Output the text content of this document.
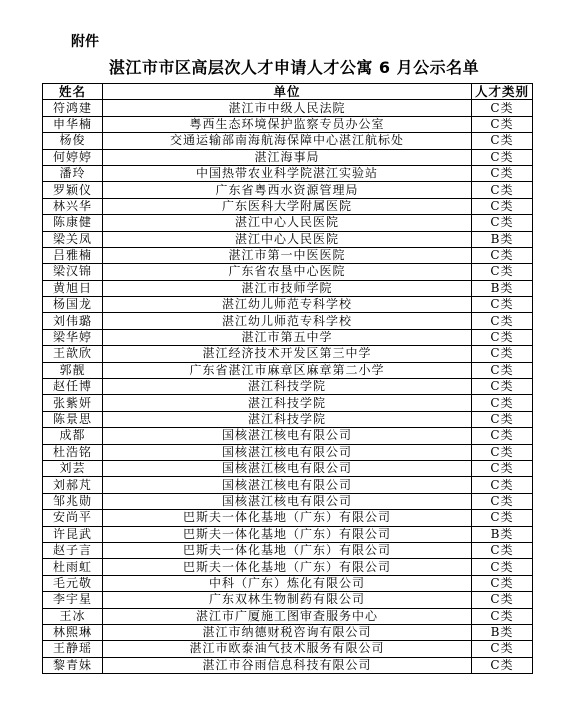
附件
湛江市市区高层次人才申请人才公寓 6 月公示名单
姓名	单位	人才类别
符鸿建	湛江市中级人民法院	C类
申华楠	粤西生态环境保护监察专员办公室	C类
杨俊	交通运输部南海航海保障中心湛江航标处	C类
何婷婷	湛江海事局	C类
潘玲	中国热带农业科学院湛江实验站	C类
罗颖仪	广东省粤西水资源管理局	C类
林兴华	广东医科大学附属医院	C类
陈康健	湛江中心人民医院	C类
梁关凤	湛江中心人民医院	B类
吕雅楠	湛江市第一中医医院	C类
梁汉锦	广东省农垦中心医院	C类
黄旭日	湛江市技师学院	B类
杨国龙	湛江幼儿师范专科学校	C类
刘伟璐	湛江幼儿师范专科学校	C类
梁华婷	湛江市第五中学	C类
王歆欣	湛江经济技术开发区第三中学	C类
郭靓	广东省湛江市麻章区麻章第二小学	C类
赵任博	湛江科技学院	C类
张紫妍	湛江科技学院	C类
陈景思	湛江科技学院	C类
成都	国核湛江核电有限公司	C类
杜浩铭	国核湛江核电有限公司	C类
刘芸	国核湛江核电有限公司	C类
刘郝芃	国核湛江核电有限公司	C类
邹兆勋	国核湛江核电有限公司	C类
安尚平	巴斯夫一体化基地（广东）有限公司	C类
许昆武	巴斯夫一体化基地（广东）有限公司	B类
赵子言	巴斯夫一体化基地（广东）有限公司	C类
杜雨虹	巴斯夫一体化基地（广东）有限公司	C类
毛元敬	中科（广东）炼化有限公司	C类
李宇星	广东双林生物制药有限公司	C类
王冰	湛江市广厦施工图审查服务中心	C类
林熙琳	湛江市纳德财税咨询有限公司	B类
王静瑶	湛江市欧泰油气技术服务有限公司	C类
黎青妹	湛江市谷雨信息科技有限公司	C类
